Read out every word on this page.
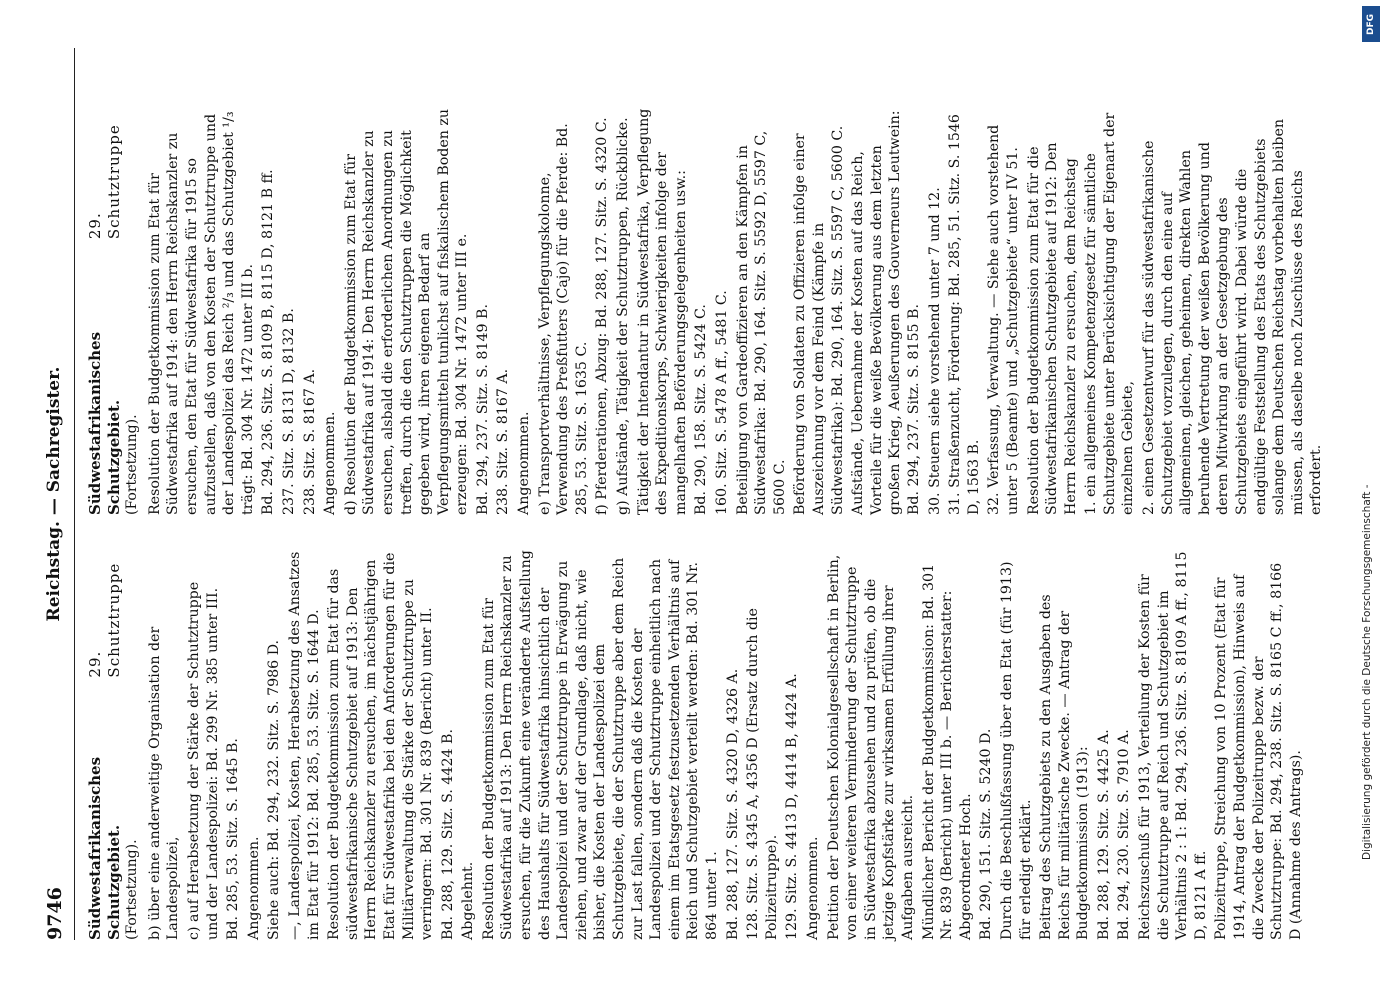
9746
Reichstag. — Sachregister.
Südwestafrikanisches Schutzgebiet.
29. Schutztruppe
(Fortsetzung). b) über eine anderweitige Organisation der Landespolizei, c) auf Herabsetzung der Stärke der Schutztruppe und der Landespolizei: Bd. 299 Nr. 385 unter III. Bd. 285, 53. Sitz. S. 1645 B. Angenommen. Siehe auch: Bd. 294, 232. Sitz. S. 7986 D. —, Landespolizei, Kosten, Herabsetzung des Ansatzes im Etat für 1912: Bd. 285, 53. Sitz. S. 1644 D. Resolution der Budgetkommission zum Etat für das südwestafrikanische Schutzgebiet auf 1913: Den Herrn Reichskanzler zu ersuchen, im nächstjährigen Etat für Südwestafrika bei den Anforderungen für die Militärverwaltung die Stärke der Schutztruppe zu verringern: Bd. 301 Nr. 839 (Bericht) unter II. Bd. 288, 129. Sitz. S. 4424 B. Abgelehnt. Resolution der Budgetkommission zum Etat für Südwestafrika auf 1913: Den Herrn Reichskanzler zu ersuchen, für die Zukunft eine veränderte Aufstellung des Haushalts für Südwestafrika hinsichtlich der Landespolizei und der Schutztruppe in Erwägung zu ziehen, und zwar auf der Grundlage, daß nicht, wie bisher, die Kosten der Landespolizei dem Schutzgebiete, die der Schutztruppe aber dem Reich zur Last fallen, sondern daß die Kosten der Landespolizei und der Schutztruppe einheitlich nach einem im Etatsgesetz festzusetzenden Verhältnis auf Reich und Schutzgebiet verteilt werden: Bd. 301 Nr. 864 unter 1. Bd. 288, 127. Sitz. S. 4320 D, 4326 A. 128. Sitz. S. 4345 A, 4356 D (Ersatz durch die Polizeitruppe). 129. Sitz. S. 4413 D, 4414 B, 4424 A. Angenommen. Petition der Deutschen Kolonialgesellschaft in Berlin, von einer weiteren Verminderung der Schutztruppe in Südwestafrika abzusehen und zu prüfen, ob die jetzige Kopfstärke zur wirksamen Erfüllung ihrer Aufgaben ausreicht. Mündlicher Bericht der Budgetkommission: Bd. 301 Nr. 839 (Bericht) unter III b. — Berichterstatter: Abgeordneter Hoch. Bd. 290, 151. Sitz. S. 5240 D. Durch die Beschlußfassung über den Etat (für 1913) für erledigt erklärt. Beitrag des Schutzgebiets zu den Ausgaben des Reichs für militärische Zwecke. — Antrag der Budgetkommission (1913): Bd. 288, 129. Sitz. S. 4425 A. Bd. 294, 230. Sitz. S. 7910 A. Reichszuschuß für 1913, Verteilung der Kosten für die Schutztruppe auf Reich und Schutzgebiet im Verhältnis 2 : 1: Bd. 294, 236. Sitz. S. 8109 A ff., 8115 D, 8121 A ff. Polizeitruppe, Streichung von 10 Prozent (Etat für 1914, Antrag der Budgetkommission), Hinweis auf die Zwecke der Polizeitruppe bezw. der Schutztruppe: Bd. 294, 238. Sitz. S. 8165 C ff., 8166 D (Annahme des Antrags).

Südwestafrikanisches Schutzgebiet.
29. Schutztruppe
(Fortsetzung). Resolution der Budgetkommission zum Etat für Südwestafrika auf 1914: den Herrn Reichskanzler zu ersuchen, den Etat für Südwestafrika für 1915 so aufzustellen, daß von den Kosten der Schutztruppe und der Landespolizei das Reich ²/₃ und das Schutzgebiet ¹/₃ trägt: Bd. 304 Nr. 1472 unter III b. Bd. 294, 236. Sitz. S. 8109 B, 8115 D, 8121 B ff. 237. Sitz. S. 8131 D, 8132 B. 238. Sitz. S. 8167 A. Angenommen. d) Resolution der Budgetkommission zum Etat für Südwestafrika auf 1914: Den Herrn Reichskanzler zu ersuchen, alsbald die erforderlichen Anordnungen zu treffen, durch die den Schutztruppen die Möglichkeit gegeben wird, ihren eigenen Bedarf an Verpflegungsmitteln tunlichst auf fiskalischem Boden zu erzeugen: Bd. 304 Nr. 1472 unter III e. Bd. 294, 237. Sitz. S. 8149 B. 238. Sitz. S. 8167 A. Angenommen. e) Transportverhältnisse, Verpflegungskolonne, Verwendung des Preßfutters (Cajo) für die Pferde: Bd. 285, 53. Sitz. S. 1635 C. f) Pferderationen, Abzug: Bd. 288, 127. Sitz. S. 4320 C. g) Aufstände, Tätigkeit der Schutztruppen, Rückblicke. Tätigkeit der Intendantur in Südwestafrika, Verpflegung des Expeditionskorps, Schwierigkeiten infolge der mangelhaften Beförderungsgelegenheiten usw.: Bd. 290, 158. Sitz. S. 5424 C. 160. Sitz. S. 5478 A ff., 5481 C. Beteiligung von Gardeoffizieren an den Kämpfen in Südwestafrika: Bd. 290, 164. Sitz. S. 5592 D, 5597 C, 5600 C. Beförderung von Soldaten zu Offizieren infolge einer Auszeichnung vor dem Feind (Kämpfe in Südwestafrika): Bd. 290, 164. Sitz. S. 5597 C, 5600 C. Aufstände, Uebernahme der Kosten auf das Reich, Vorteile für die weiße Bevölkerung aus dem letzten großen Krieg, Aeußerungen des Gouverneurs Leutwein: Bd. 294, 237. Sitz. S. 8155 B. 30. Steuern siehe vorstehend unter 7 und 12. 31. Straßenzucht, Förderung: Bd. 285, 51. Sitz. S. 1546 D, 1563 B. 32. Verfassung, Verwaltung. — Siehe auch vorstehend unter 5 (Beamte) und „Schutzgebiete“ unter IV 51. Resolution der Budgetkommission zum Etat für die Südwestafrikanischen Schutzgebiete auf 1912: Den Herrn Reichskanzler zu ersuchen, dem Reichstag 1. ein allgemeines Kompetenzgesetz für sämtliche Schutzgebiete unter Berücksichtigung der Eigenart der einzelnen Gebiete, 2. einen Gesetzentwurf für das südwestafrikanische Schutzgebiet vorzulegen, durch den eine auf allgemeinen, gleichen, geheimen, direkten Wahlen beruhende Vertretung der weißen Bevölkerung und deren Mitwirkung an der Gesetzgebung des Schutzgebiets eingeführt wird. Dabei würde die endgültige Feststellung des Etats des Schutzgebiets solange dem Deutschen Reichstag vorbehalten bleiben müssen, als daselbe noch Zuschüsse des Reichs erfordert.

DFG
Digitalisierung gefördert durch die Deutsche Forschungsgemeinschaft -
